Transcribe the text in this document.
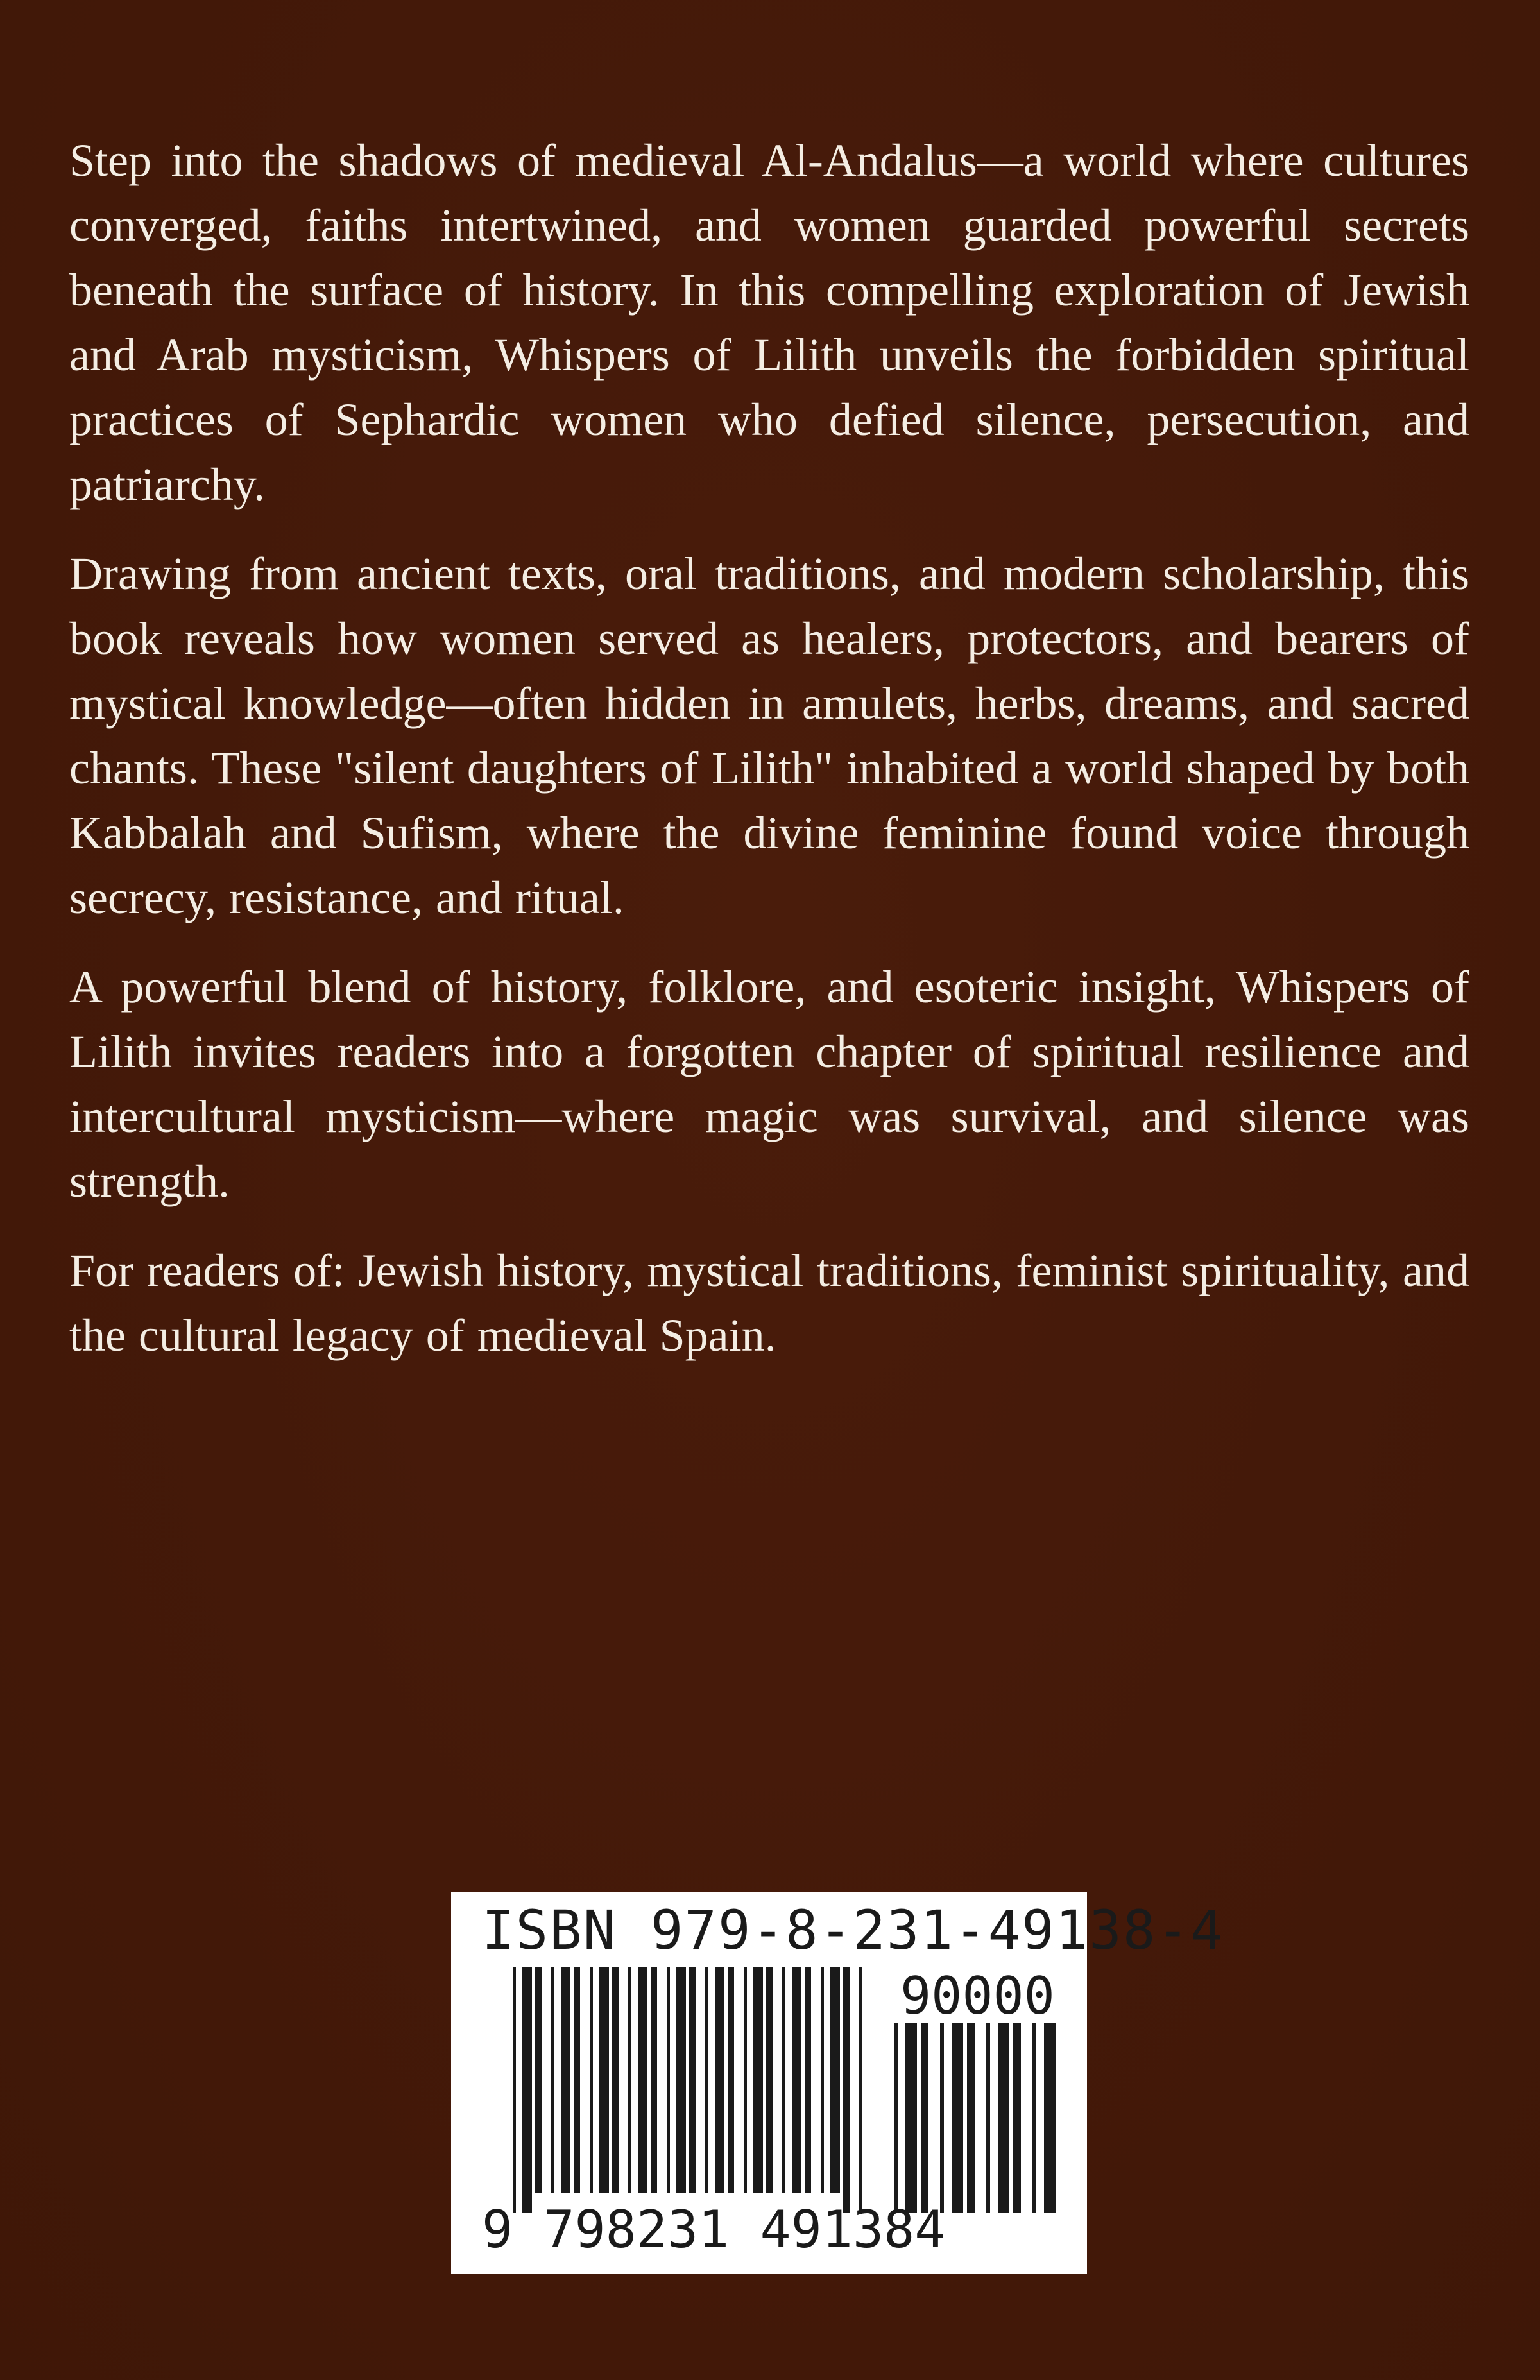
Step into the shadows of medieval Al-Andalus—a world where cultures converged, faiths intertwined, and women guarded powerful secrets beneath the surface of history. In this compelling exploration of Jewish and Arab mysticism, Whispers of Lilith unveils the forbidden spiritual practices of Sephardic women who defied silence, persecution, and patriarchy.

Drawing from ancient texts, oral traditions, and modern scholarship, this book reveals how women served as healers, protectors, and bearers of mystical knowledge—often hidden in amulets, herbs, dreams, and sacred chants. These "silent daughters of Lilith" inhabited a world shaped by both Kabbalah and Sufism, where the divine feminine found voice through secrecy, resistance, and ritual.

A powerful blend of history, folklore, and esoteric insight, Whispers of Lilith invites readers into a forgotten chapter of spiritual resilience and intercultural mysticism—where magic was survival, and silence was strength.

For readers of: Jewish history, mystical traditions, feminist spirituality, and the cultural legacy of medieval Spain.

ISBN 979-8-231-49138-4
90000
9 798231 491384
